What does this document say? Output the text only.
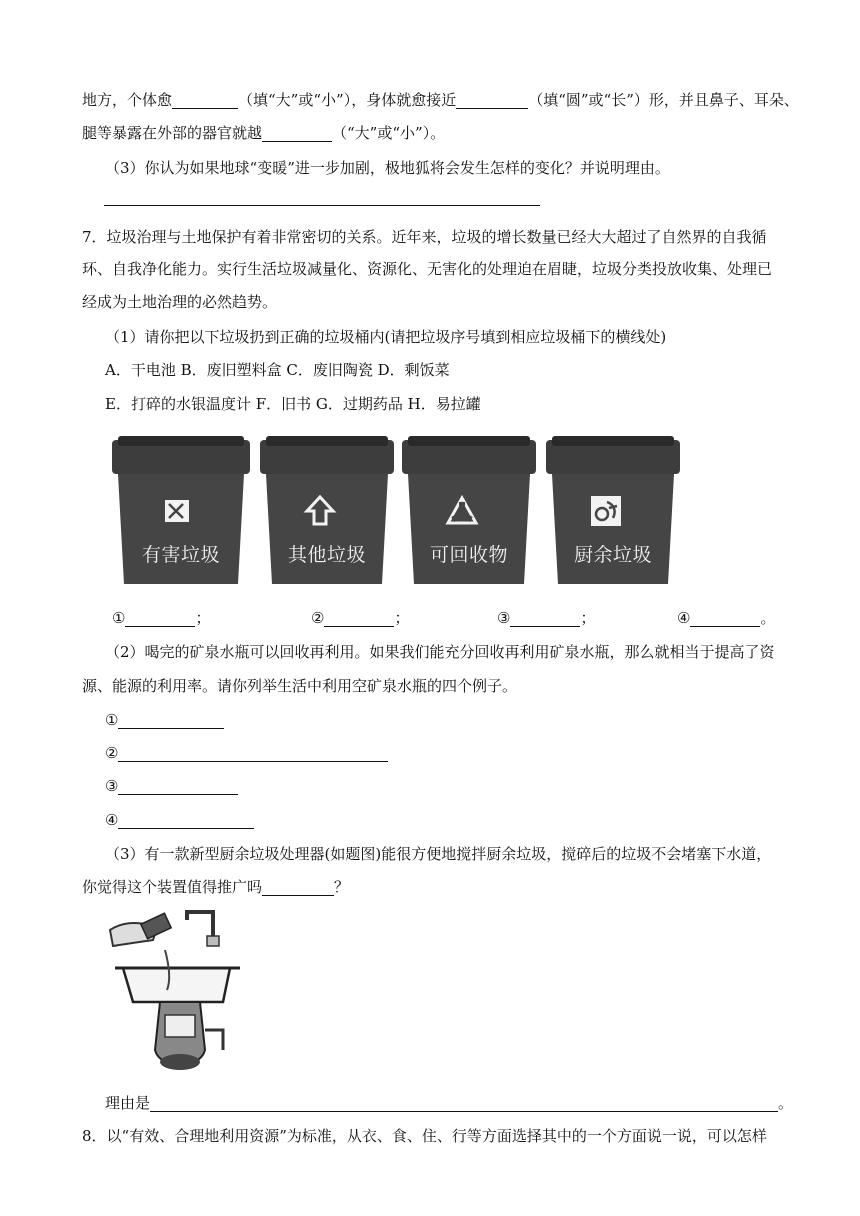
地方，个体愈	（填“大”或“小”），身体就愈接近	（填“圆”或“长”）形，并且鼻子、耳朵、
腿等暴露在外部的器官就越	（“大”或“小”）。
（3）你认为如果地球“变暖”进一步加剧，极地狐将会发生怎样的变化？并说明理由。
7．垃圾治理与土地保护有着非常密切的关系。近年来，垃圾的增长数量已经大大超过了自然界的自我循
环、自我净化能力。实行生活垃圾减量化、资源化、无害化的处理迫在眉睫，垃圾分类投放收集、处理已
经成为土地治理的必然趋势。
（1）请你把以下垃圾扔到正确的垃圾桶内(请把垃圾序号填到相应垃圾桶下的横线处)
A．干电池 B．废旧塑料盒 C．废旧陶瓷 D．剩饭菜
E．打碎的水银温度计 F．旧书 G．过期药品 H．易拉罐
有害垃圾	其他垃圾	可回收物	厨余垃圾
①	；	②	；	③	；	④	。
（2）喝完的矿泉水瓶可以回收再利用。如果我们能充分回收再利用矿泉水瓶，那么就相当于提高了资
源、能源的利用率。请你列举生活中利用空矿泉水瓶的四个例子。
①
②
③
④
（3）有一款新型厨余垃圾处理器(如题图)能很方便地搅拌厨余垃圾，搅碎后的垃圾不会堵塞下水道，
你觉得这个装置值得推广吗	？
理由是	。
8．以“有效、合理地利用资源”为标准，从衣、食、住、行等方面选择其中的一个方面说一说，可以怎样
